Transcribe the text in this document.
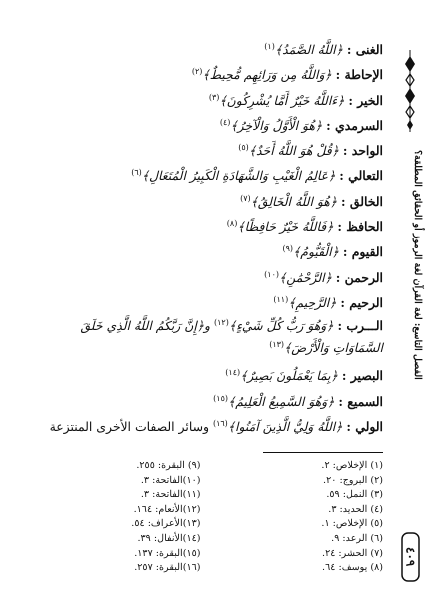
الفصل التاسع: لغة القرآن لغة الرموز أو الحقائق المطلقة؟
٤٠٩
الغنى : ﴿اللَّهُ الصَّمَدُ﴾$^{(١)}$
الإحاطة : ﴿وَاللَّهُ مِن وَرَائِهِم مُّحِيطٌ﴾$^{(٢)}$
الخير : ﴿ءَاللَّهُ خَيْرٌ أَمَّا يُشْرِكُونَ﴾$^{(٣)}$
السرمدي : ﴿هُوَ الْأَوَّلُ وَالْآخِرُ﴾$^{(٤)}$
الواحد : ﴿قُلْ هُوَ اللَّهُ أَحَدٌ﴾$^{(٥)}$
التعالي : ﴿عَالِمُ الْغَيْبِ وَالشَّهَادَةِ الْكَبِيرُ الْمُتَعَالِ﴾$^{(٦)}$
الخالق : ﴿هُوَ اللَّهُ الْخَالِقُ﴾$^{(٧)}$
الحافظ : ﴿فَاللَّهُ خَيْرٌ حَافِظًا﴾$^{(٨)}$
القيوم : ﴿الْقَيُّومُ﴾$^{(٩)}$
الرحمن : ﴿الرَّحْمَٰنِ﴾$^{(١٠)}$
الرحيم : ﴿الرَّحِيمِ﴾$^{(١١)}$
الـــرب : ﴿وَهُوَ رَبُّ كُلِّ شَيْءٍ﴾$^{(١٢)}$ و﴿إِنَّ رَبَّكُمُ اللَّهُ الَّذِي خَلَقَ السَّمَاوَاتِ وَالْأَرْضَ﴾$^{(١٣)}$
البصير : ﴿بِمَا يَعْمَلُونَ بَصِيرٌ﴾$^{(١٤)}$
السميع : ﴿وَهُوَ السَّمِيعُ الْعَلِيمُ﴾$^{(١٥)}$
الولي : ﴿اللَّهُ وَلِيُّ الَّذِينَ آمَنُوا﴾$^{(١٦)}$ وسائر الصفات الأخرى المنتزعة
(١) الإخلاص: ٢.
(٢) البروج: ٢٠.
(٣) النمل: ٥٩.
(٤) الحديد: ٣.
(٥) الإخلاص: ١.
(٦) الرعد: ٩.
(٧) الحشر: ٢٤.
(٨) يوسف: ٦٤.
(٩) البقرة: ٢٥٥.
(١٠)الفاتحة: ٣.
(١١)الفاتحة: ٣.
(١٢)الأنعام: ١٦٤.
(١٣)الأعراف: ٥٤.
(١٤)الأنفال: ٣٩.
(١٥)البقرة: ١٣٧.
(١٦)البقرة: ٢٥٧.
